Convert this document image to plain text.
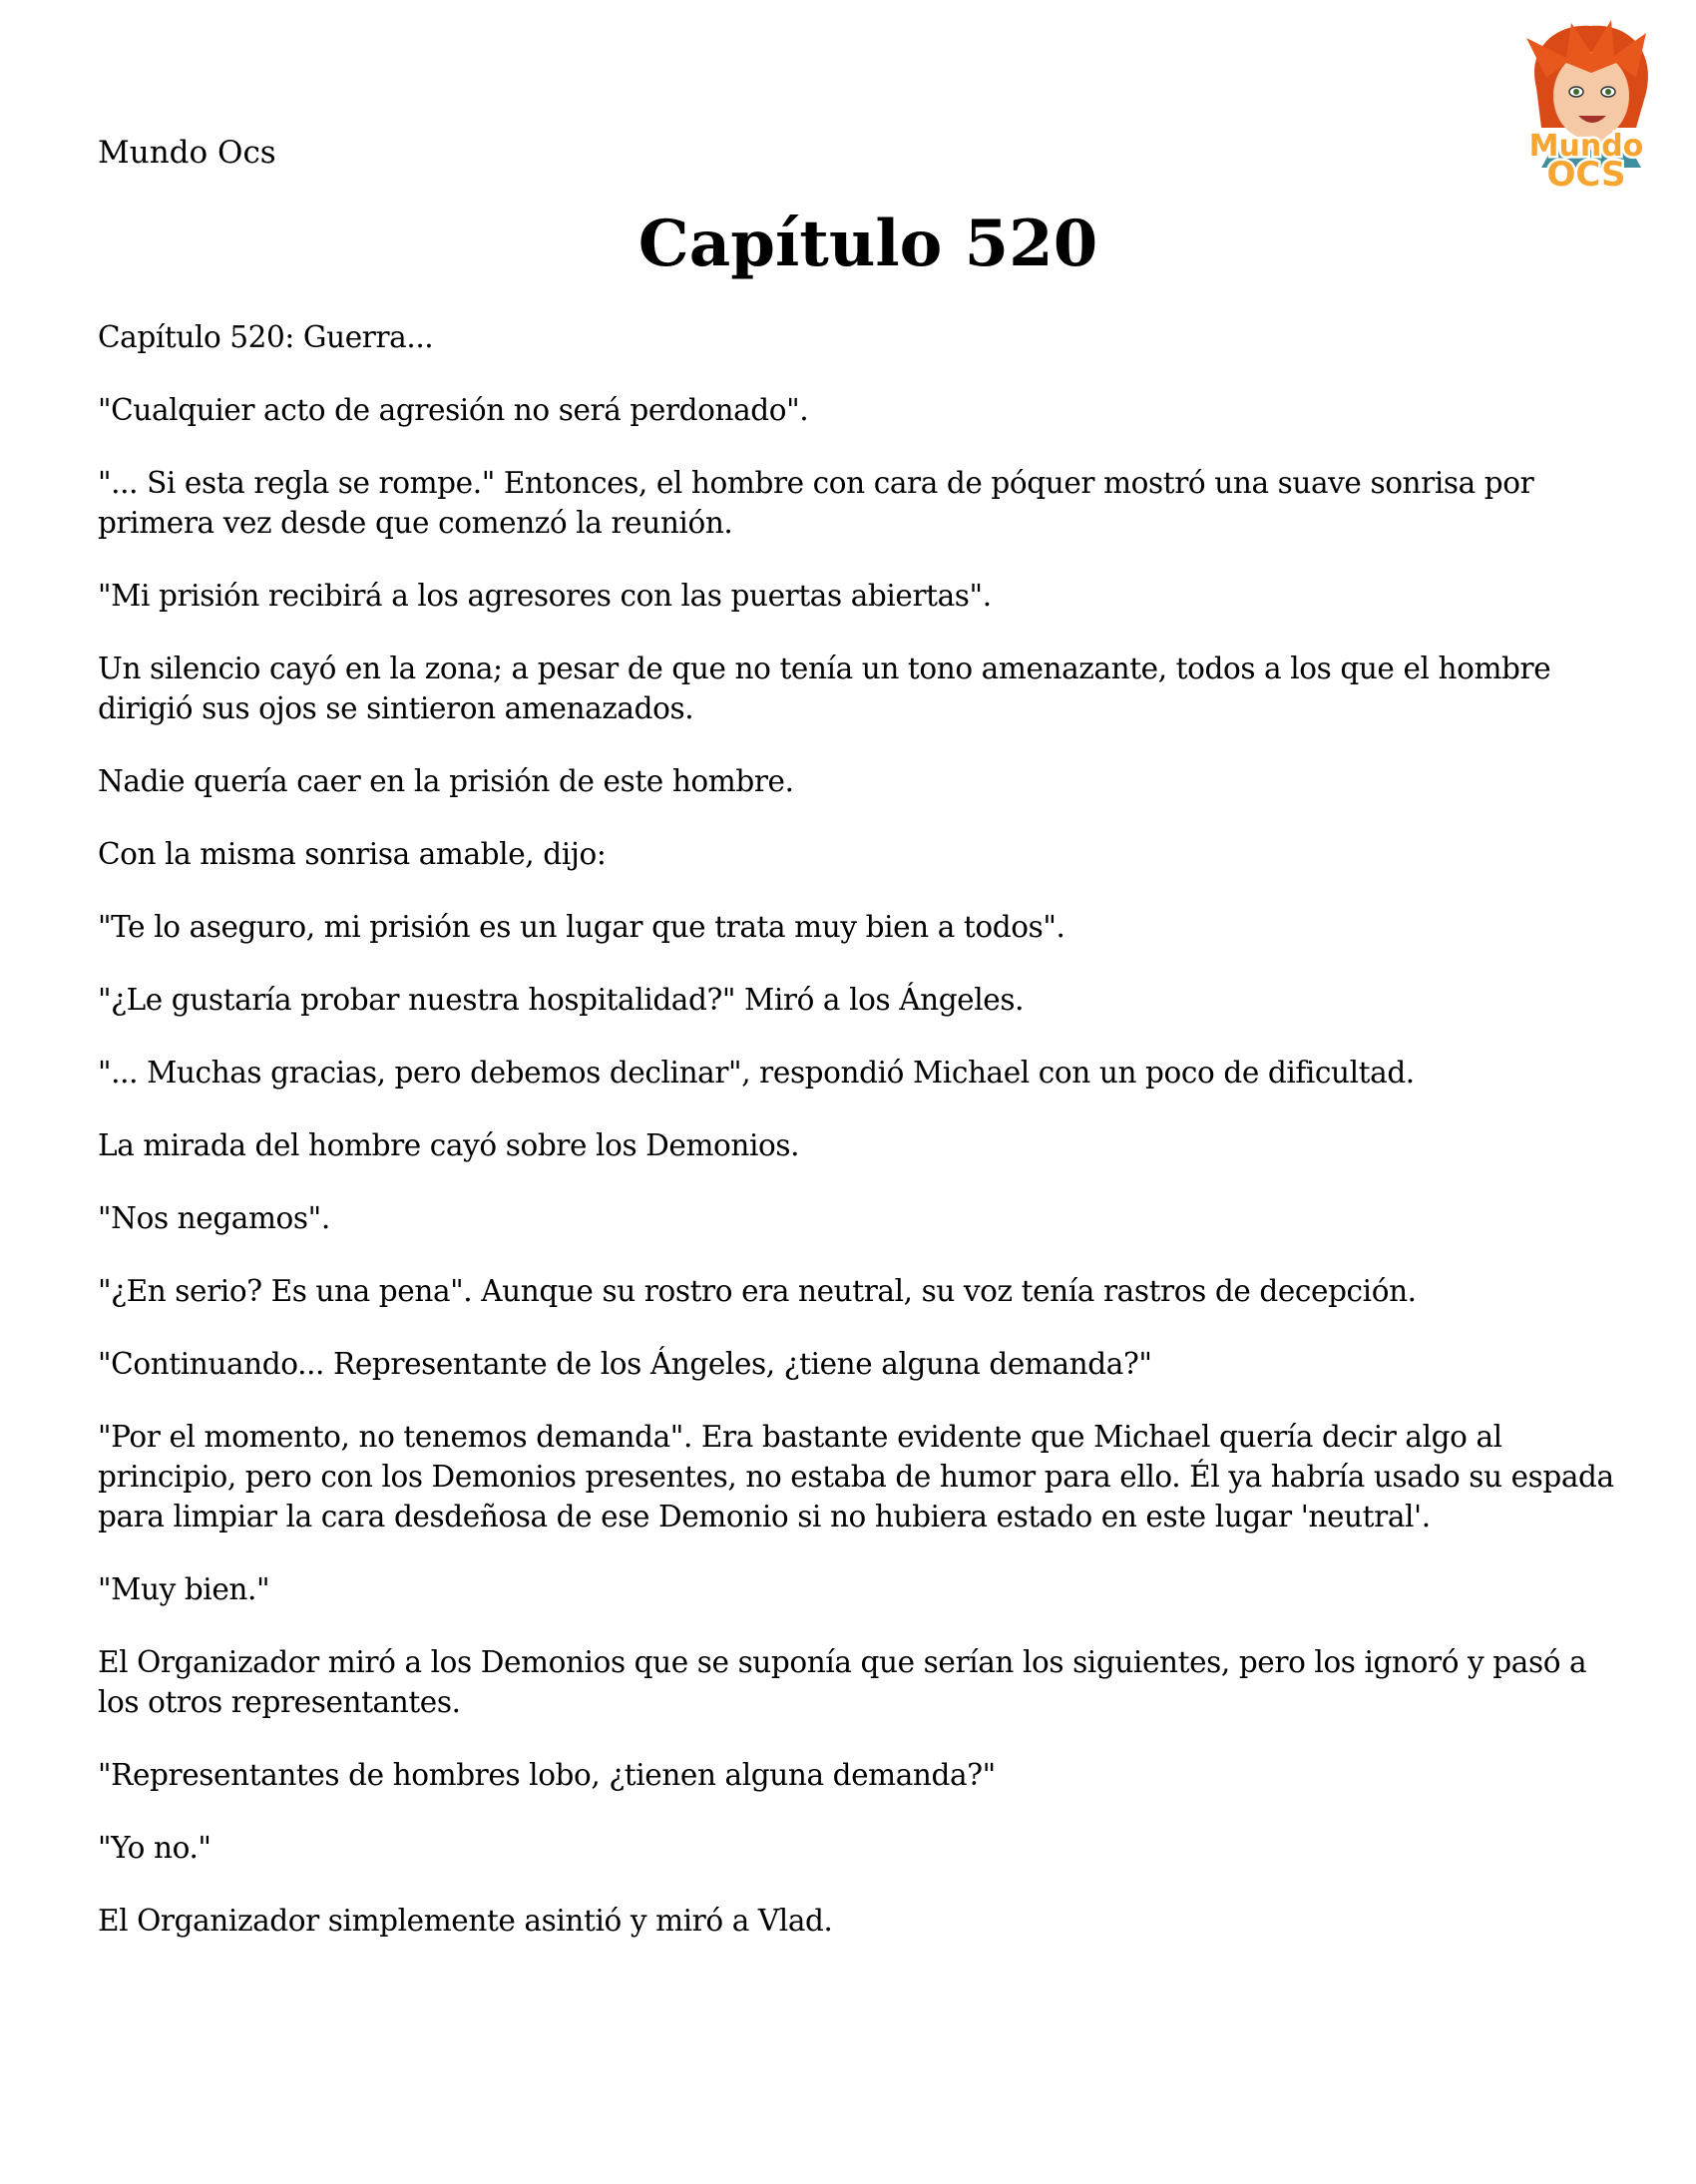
Mundo Ocs	Mundo
OCS
Capítulo 520

Capítulo 520: Guerra...

"Cualquier acto de agresión no será perdonado".

"... Si esta regla se rompe." Entonces, el hombre con cara de póquer mostró una suave sonrisa por primera vez desde que comenzó la reunión.

"Mi prisión recibirá a los agresores con las puertas abiertas".

Un silencio cayó en la zona; a pesar de que no tenía un tono amenazante, todos a los que el hombre dirigió sus ojos se sintieron amenazados.

Nadie quería caer en la prisión de este hombre.

Con la misma sonrisa amable, dijo:

"Te lo aseguro, mi prisión es un lugar que trata muy bien a todos".

"¿Le gustaría probar nuestra hospitalidad?" Miró a los Ángeles.

"... Muchas gracias, pero debemos declinar", respondió Michael con un poco de dificultad.

La mirada del hombre cayó sobre los Demonios.

"Nos negamos".

"¿En serio? Es una pena". Aunque su rostro era neutral, su voz tenía rastros de decepción.

"Continuando... Representante de los Ángeles, ¿tiene alguna demanda?"

"Por el momento, no tenemos demanda". Era bastante evidente que Michael quería decir algo al principio, pero con los Demonios presentes, no estaba de humor para ello. Él ya habría usado su espada para limpiar la cara desdeñosa de ese Demonio si no hubiera estado en este lugar 'neutral'.

"Muy bien."

El Organizador miró a los Demonios que se suponía que serían los siguientes, pero los ignoró y pasó a los otros representantes.

"Representantes de hombres lobo, ¿tienen alguna demanda?"

"Yo no."

El Organizador simplemente asintió y miró a Vlad.
